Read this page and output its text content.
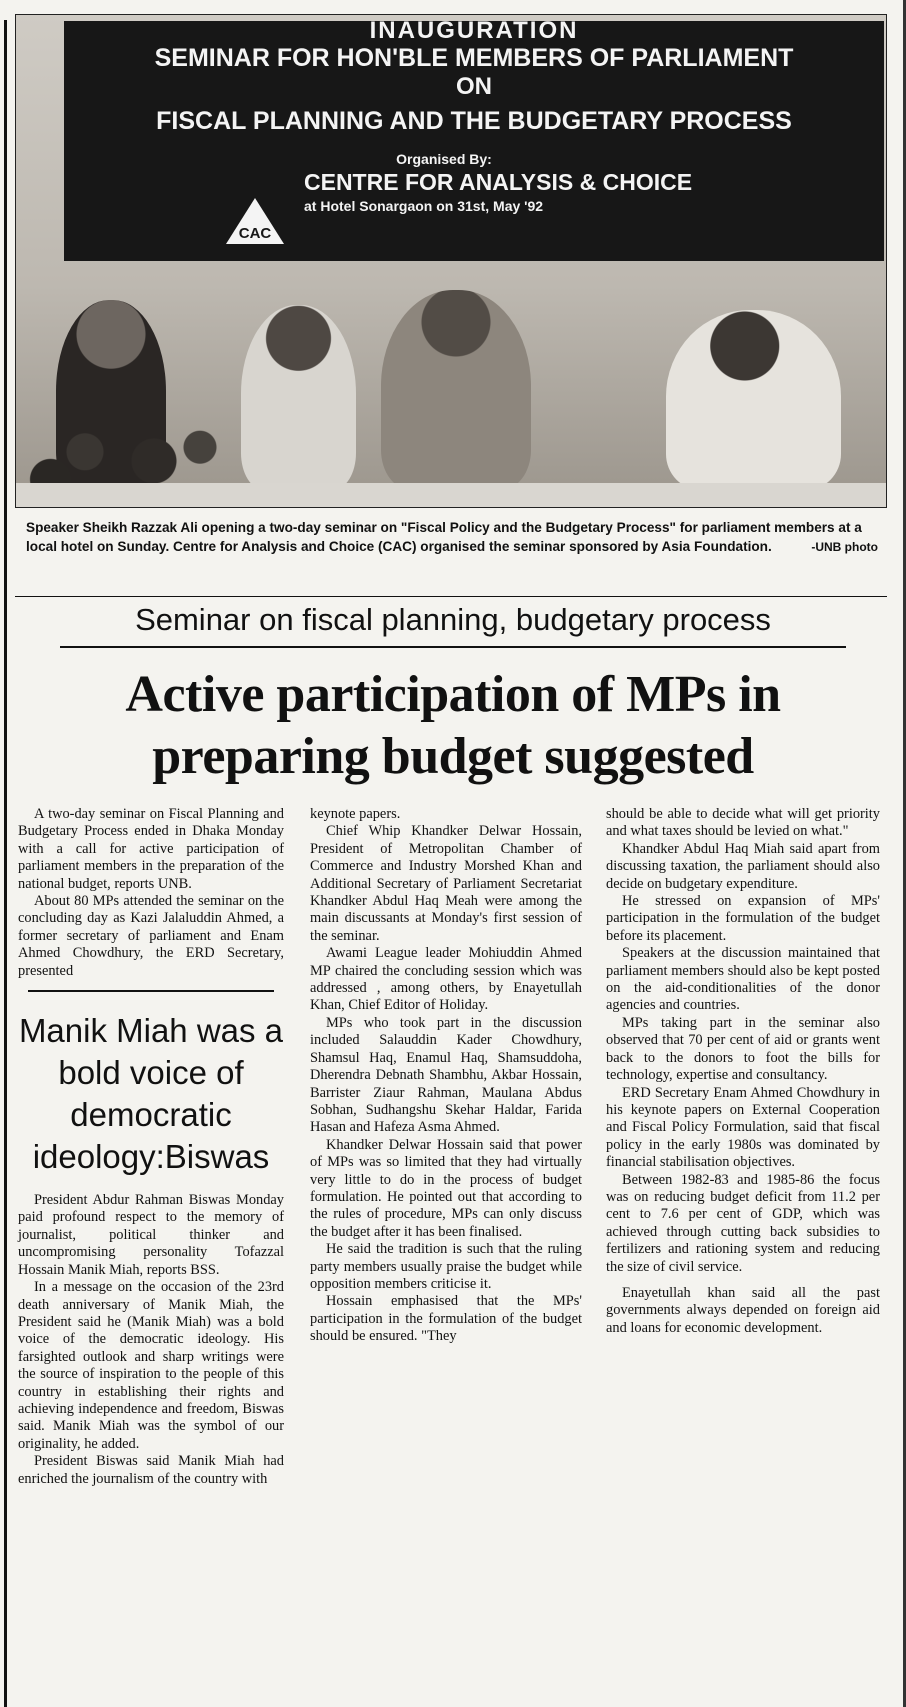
INAUGURATION
SEMINAR FOR HON'BLE MEMBERS OF PARLIAMENT
ON
FISCAL PLANNING AND THE BUDGETARY PROCESS
Organised By:
CENTRE FOR ANALYSIS & CHOICE
at Hotel Sonargaon on 31st, May '92
CAC
Speaker Sheikh Razzak Ali opening a two-day seminar on "Fiscal Policy and the Budgetary Process" for parliament members at a local hotel on Sunday. Centre for Analysis and Choice (CAC) organised the seminar sponsored by Asia Foundation.	-UNB photo
Seminar on fiscal planning, budgetary process
Active participation of MPs in
preparing budget suggested

A two-day seminar on Fiscal Planning and Budgetary Process ended in Dhaka Monday with a call for active participation of parliament members in the preparation of the national budget, reports UNB.

About 80 MPs attended the seminar on the concluding day as Kazi Jalaluddin Ahmed, a former secretary of parliament and Enam Ahmed Chowdhury, the ERD Secretary, presented

Manik Miah was a bold voice of democratic ideology:Biswas

President Abdur Rahman Biswas Monday paid profound respect to the memory of journalist, political thinker and uncompromising personality Tofazzal Hossain Manik Miah, reports BSS.

In a message on the occasion of the 23rd death anniversary of Manik Miah, the President said he (Manik Miah) was a bold voice of the democratic ideology. His farsighted outlook and sharp writings were the source of inspiration to the people of this country in establishing their rights and achieving independence and freedom, Biswas said. Manik Miah was the symbol of our originality, he added.

President Biswas said Manik Miah had enriched the journalism of the country with

keynote papers.

Chief Whip Khandker Delwar Hossain, President of Metropolitan Chamber of Commerce and Industry Morshed Khan and Additional Secretary of Parliament Secretariat Khandker Abdul Haq Meah were among the main discussants at Monday's first session of the seminar.

Awami League leader Mohiuddin Ahmed MP chaired the concluding session which was addressed , among others, by Enayetullah Khan, Chief Editor of Holiday.

MPs who took part in the discussion included Salauddin Kader Chowdhury, Shamsul Haq, Enamul Haq, Shamsuddoha, Dherendra Debnath Shambhu, Akbar Hossain, Barrister Ziaur Rahman, Maulana Abdus Sobhan, Sudhangshu Skehar Haldar, Farida Hasan and Hafeza Asma Ahmed.

Khandker Delwar Hossain said that power of MPs was so limited that they had virtually very little to do in the process of budget formulation. He pointed out that according to the rules of procedure, MPs can only discuss the budget after it has been finalised.

He said the tradition is such that the ruling party members usually praise the budget while opposition members criticise it.

Hossain emphasised that the MPs' participation in the formulation of the budget should be ensured. "They

should be able to decide what will get priority and what taxes should be levied on what."

Khandker Abdul Haq Miah said apart from discussing taxation, the parliament should also decide on budgetary expenditure.

He stressed on expansion of MPs' participation in the formulation of the budget before its placement.

Speakers at the discussion maintained that parliament members should also be kept posted on the aid-conditionalities of the donor agencies and countries.

MPs taking part in the seminar also observed that 70 per cent of aid or grants went back to the donors to foot the bills for technology, expertise and consultancy.

ERD Secretary Enam Ahmed Chowdhury in his keynote papers on External Cooperation and Fiscal Policy Formulation, said that fiscal policy in the early 1980s was dominated by financial stabilisation objectives.

Between 1982-83 and 1985-86 the focus was on reducing budget deficit from 11.2 per cent to 7.6 per cent of GDP, which was achieved through cutting back subsidies to fertilizers and rationing system and reducing the size of civil service.

Enayetullah khan said all the past governments always depended on foreign aid and loans for economic development.
